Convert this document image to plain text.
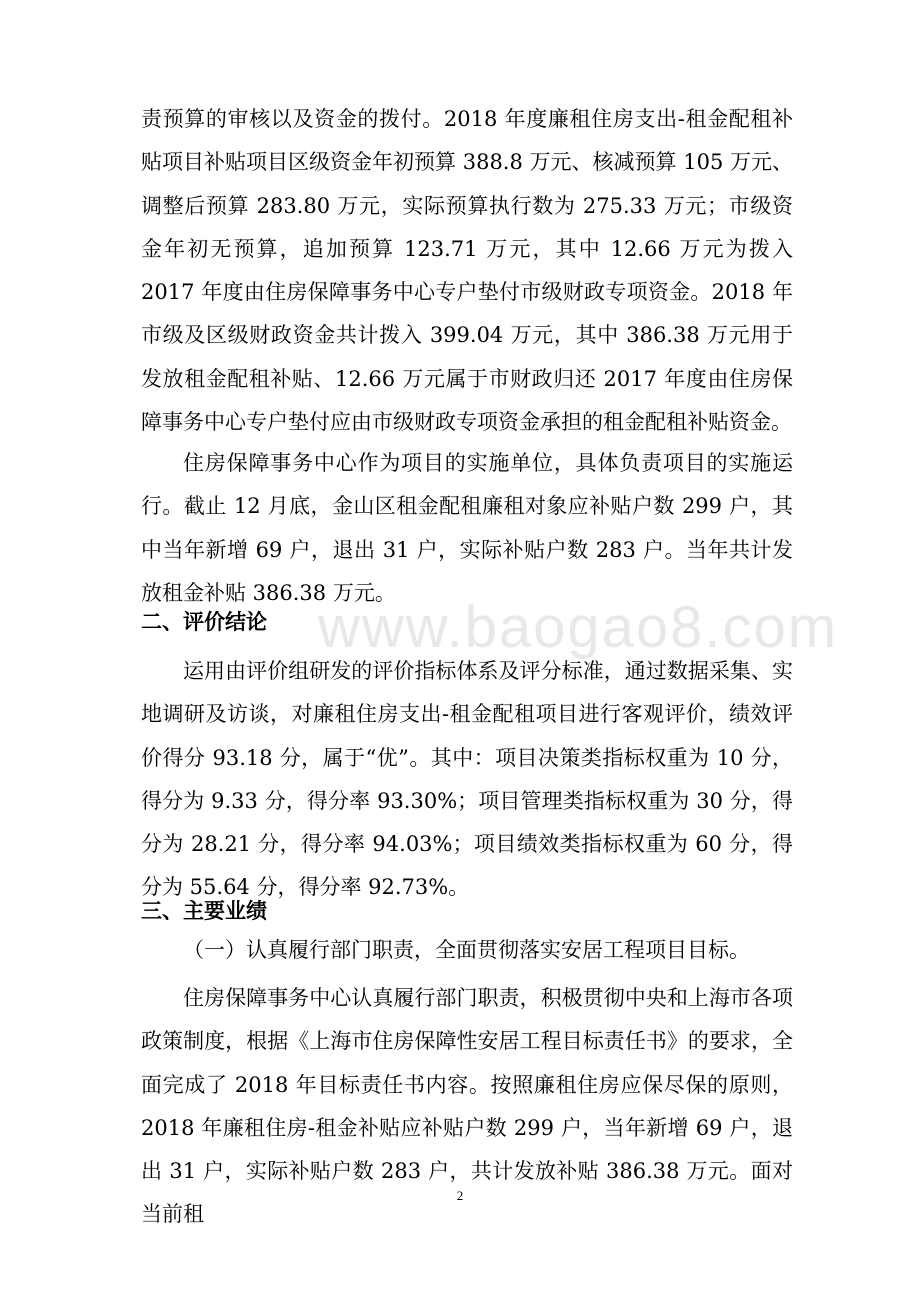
www.baogao8.com

责预算的审核以及资金的拨付。2018 年度廉租住房支出-租金配租补贴项目补贴项目区级资金年初预算 388.8 万元、核减预算 105 万元、调整后预算 283.80 万元，实际预算执行数为 275.33 万元；市级资金年初无预算，追加预算 123.71 万元，其中 12.66 万元为拨入 2017 年度由住房保障事务中心专户垫付市级财政专项资金。2018 年市级及区级财政资金共计拨入 399.04 万元，其中 386.38 万元用于发放租金配租补贴、12.66 万元属于市财政归还 2017 年度由住房保障事务中心专户垫付应由市级财政专项资金承担的租金配租补贴资金。

住房保障事务中心作为项目的实施单位，具体负责项目的实施运行。截止 12 月底，金山区租金配租廉租对象应补贴户数 299 户，其中当年新增 69 户，退出 31 户，实际补贴户数 283 户。当年共计发放租金补贴 386.38 万元。

二、评价结论

运用由评价组研发的评价指标体系及评分标准，通过数据采集、实地调研及访谈，对廉租住房支出-租金配租项目进行客观评价，绩效评价得分 93.18 分，属于“优”。其中：项目决策类指标权重为 10 分，得分为 9.33 分，得分率 93.30%；项目管理类指标权重为 30 分，得分为 28.21 分，得分率 94.03%；项目绩效类指标权重为 60 分，得分为 55.64 分，得分率 92.73%。

三、主要业绩
（一）认真履行部门职责，全面贯彻落实安居工程项目目标。

住房保障事务中心认真履行部门职责，积极贯彻中央和上海市各项政策制度，根据《上海市住房保障性安居工程目标责任书》的要求，全面完成了 2018 年目标责任书内容。按照廉租住房应保尽保的原则，2018 年廉租住房-租金补贴应补贴户数 299 户，当年新增 69 户，退出 31 户，实际补贴户数 283 户，共计发放补贴 386.38 万元。面对当前租

2
